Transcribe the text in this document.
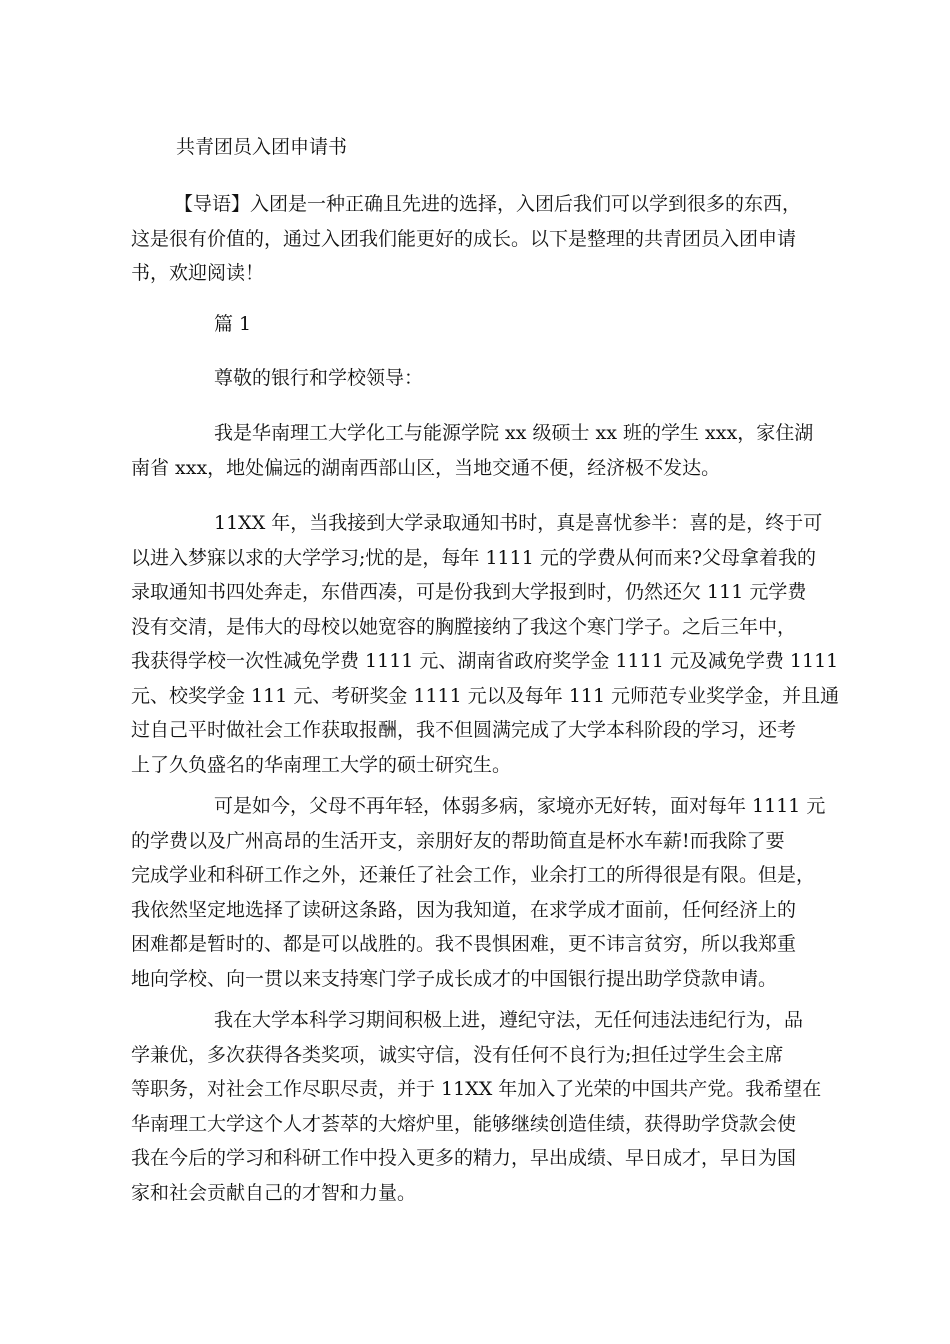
共青团员入团申请书
【导语】入团是一种正确且先进的选择，入团后我们可以学到很多的东西，
这是很有价值的，通过入团我们能更好的成长。以下是整理的共青团员入团申请
书，欢迎阅读！
篇 1
尊敬的银行和学校领导：
我是华南理工大学化工与能源学院 xx 级硕士 xx 班的学生 xxx，家住湖
南省 xxx，地处偏远的湖南西部山区，当地交通不便，经济极不发达。
11XX 年，当我接到大学录取通知书时，真是喜忧参半：喜的是，终于可
以进入梦寐以求的大学学习;忧的是，每年 1111 元的学费从何而来?父母拿着我的
录取通知书四处奔走，东借西凑，可是份我到大学报到时，仍然还欠 111 元学费
没有交清，是伟大的母校以她宽容的胸膛接纳了我这个寒门学子。之后三年中，
我获得学校一次性减免学费 1111 元、湖南省政府奖学金 1111 元及减免学费 1111
元、校奖学金 111 元、考研奖金 1111 元以及每年 111 元师范专业奖学金，并且通
过自己平时做社会工作获取报酬，我不但圆满完成了大学本科阶段的学习，还考
上了久负盛名的华南理工大学的硕士研究生。
可是如今，父母不再年轻，体弱多病，家境亦无好转，面对每年 1111 元
的学费以及广州高昂的生活开支，亲朋好友的帮助简直是杯水车薪!而我除了要
完成学业和科研工作之外，还兼任了社会工作，业余打工的所得很是有限。但是，
我依然坚定地选择了读研这条路，因为我知道，在求学成才面前，任何经济上的
困难都是暂时的、都是可以战胜的。我不畏惧困难，更不讳言贫穷，所以我郑重
地向学校、向一贯以来支持寒门学子成长成才的中国银行提出助学贷款申请。
我在大学本科学习期间积极上进，遵纪守法，无任何违法违纪行为，品
学兼优，多次获得各类奖项，诚实守信，没有任何不良行为;担任过学生会主席
等职务，对社会工作尽职尽责，并于 11XX 年加入了光荣的中国共产党。我希望在
华南理工大学这个人才荟萃的大熔炉里，能够继续创造佳绩，获得助学贷款会使
我在今后的学习和科研工作中投入更多的精力，早出成绩、早日成才，早日为国
家和社会贡献自己的才智和力量。
